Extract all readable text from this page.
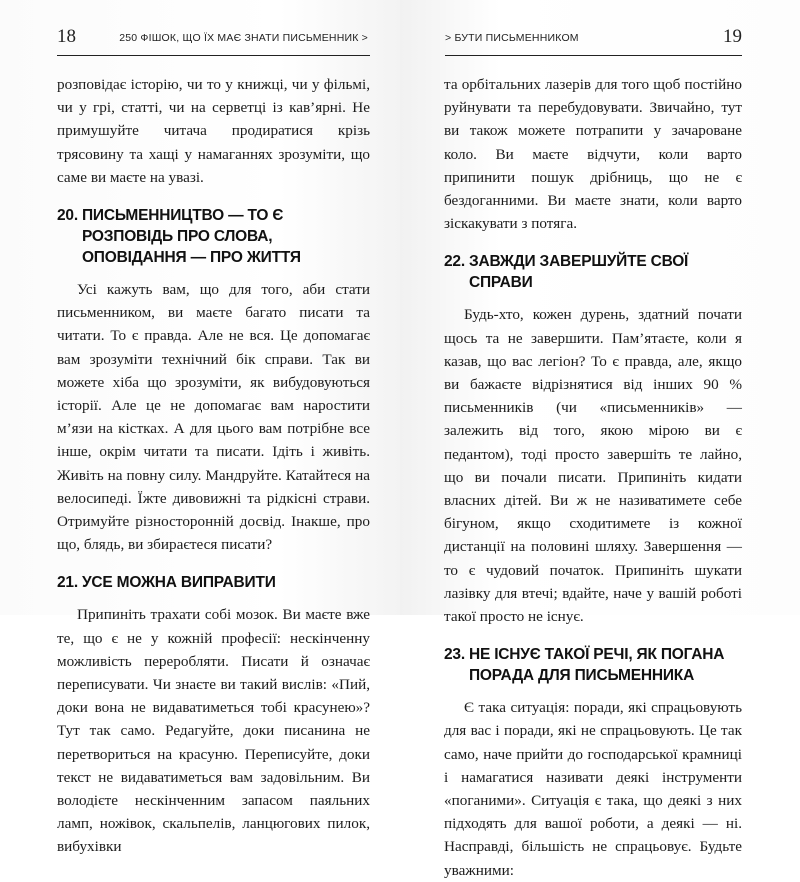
18	250 ФІШОК, ЩО ЇХ МАЄ ЗНАТИ ПИСЬМЕННИК >

розповідає історію, чи то у книжці, чи у фільмі, чи у грі, статті, чи на серветці із кав’ярні. Не примушуйте читача продиратися крізь трясовину та хащі у намаганнях зрозуміти, що саме ви маєте на увазі.

20. ПИСЬМЕННИЦТВО — ТО Є РОЗПОВІДЬ ПРО СЛОВА, ОПОВІДАННЯ — ПРО ЖИТТЯ

Усі кажуть вам, що для того, аби стати письменником, ви маєте багато писати та читати. То є правда. Але не вся. Це допомагає вам зрозуміти технічний бік справи. Так ви можете хіба що зрозуміти, як вибудовуються історії. Але це не допомагає вам наростити м’язи на кістках. А для цього вам потрібне все інше, окрім читати та писати. Ідіть і живіть. Живіть на повну силу. Мандруйте. Катайтеся на велосипеді. Їжте дивовижні та рідкісні страви. Отримуйте різносторонній досвід. Інакше, про що, блядь, ви збираєтеся писати?

21. УСЕ МОЖНА ВИПРАВИТИ

Припиніть трахати собі мозок. Ви маєте вже те, що є не у кожній професії: нескінченну можливість переробляти. Писати й означає переписувати. Чи знаєте ви такий вислів: «Пий, доки вона не видаватиметься тобі красунею»? Тут так само. Редагуйте, доки писанина не перетвориться на красуню. Переписуйте, доки текст не видаватиметься вам задовільним. Ви володієте нескінченним запасом паяльних ламп, ножівок, скальпелів, ланцюгових пилок, вибухівки

> БУТИ ПИСЬМЕННИКОМ	19

та орбітальних лазерів для того щоб постійно руйнувати та перебудовувати. Звичайно, тут ви також можете потрапити у зачароване коло. Ви маєте відчути, коли варто припинити пошук дрібниць, що не є бездоганними. Ви маєте знати, коли варто зіскакувати з потяга.

22. ЗАВЖДИ ЗАВЕРШУЙТЕ СВОЇ СПРАВИ

Будь-хто, кожен дурень, здатний почати щось та не завершити. Пам’ятаєте, коли я казав, що вас легіон? То є правда, але, якщо ви бажаєте відрізнятися від інших 90 % письменників (чи «письменників» — залежить від того, якою мірою ви є педантом), тоді просто завершіть те лайно, що ви почали писати. Припиніть кидати власних дітей. Ви ж не називатимете себе бігуном, якщо сходитимете із кожної дистанції на половині шляху. Завершення — то є чудовий початок. Припиніть шукати лазівку для втечі; вдайте, наче у вашій роботі такої просто не існує.

23. НЕ ІСНУЄ ТАКОЇ РЕЧІ, ЯК ПОГАНА ПОРАДА ДЛЯ ПИСЬМЕННИКА

Є така ситуація: поради, які спрацьовують для вас і поради, які не спрацьовують. Це так само, наче прийти до господарської крамниці і намагатися називати деякі інструменти «поганими». Ситуація є така, що деякі з них підходять для вашої роботи, а деякі — ні. Насправді, більшість не спрацьовує. Будьте уважними:
